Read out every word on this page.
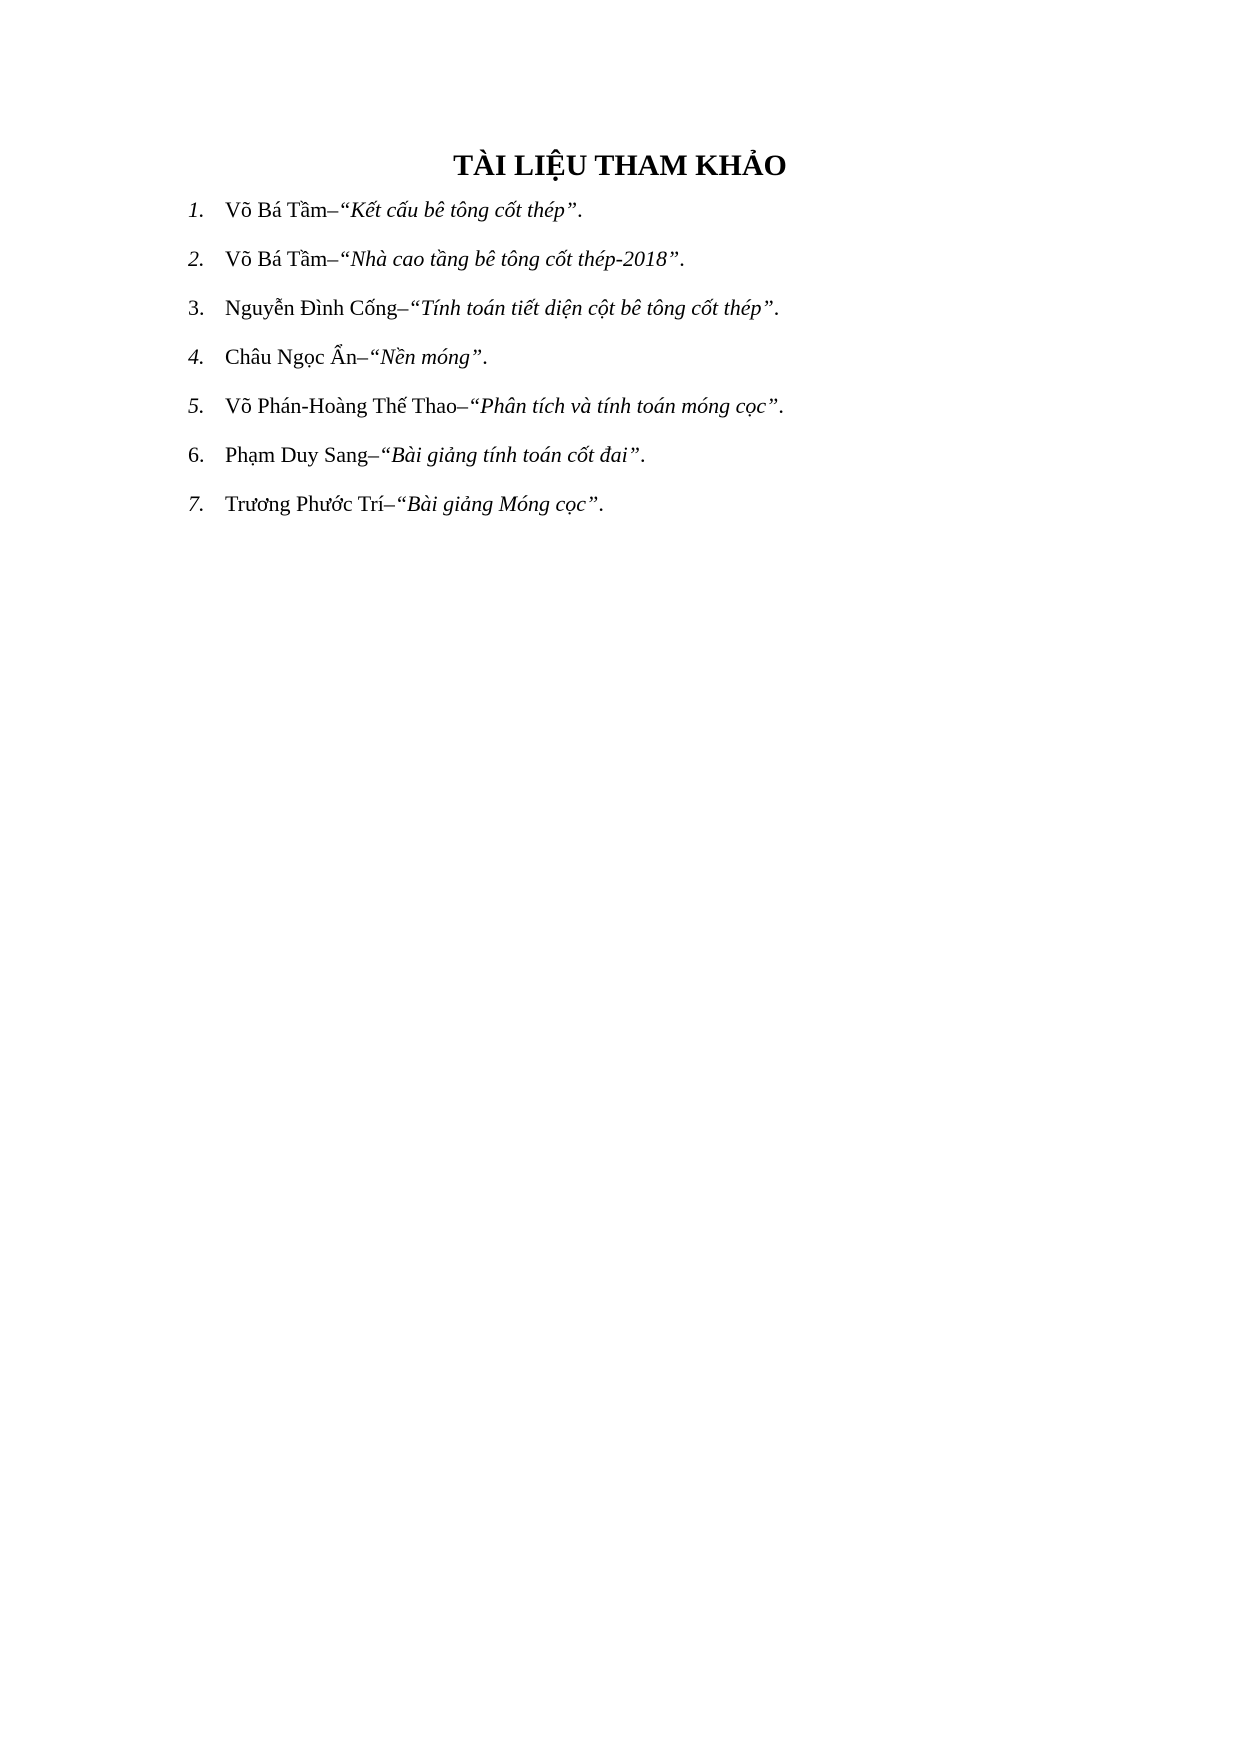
TÀI LIỆU THAM KHẢO
1. Võ Bá Tầm – “Kết cấu bê tông cốt thép” .
2. Võ Bá Tầm – “Nhà cao tầng bê tông cốt thép-2018” .
3. Nguyễn Đình Cống – “Tính toán tiết diện cột bê tông cốt thép” .
4. Châu Ngọc Ẩn – “Nền móng” .
5. Võ Phán-Hoàng Thế Thao – “Phân tích và tính toán móng cọc” .
6. Phạm Duy Sang – “Bài giảng tính toán cốt đai” .
7. Trương Phước Trí – “Bài giảng Móng cọc” .
